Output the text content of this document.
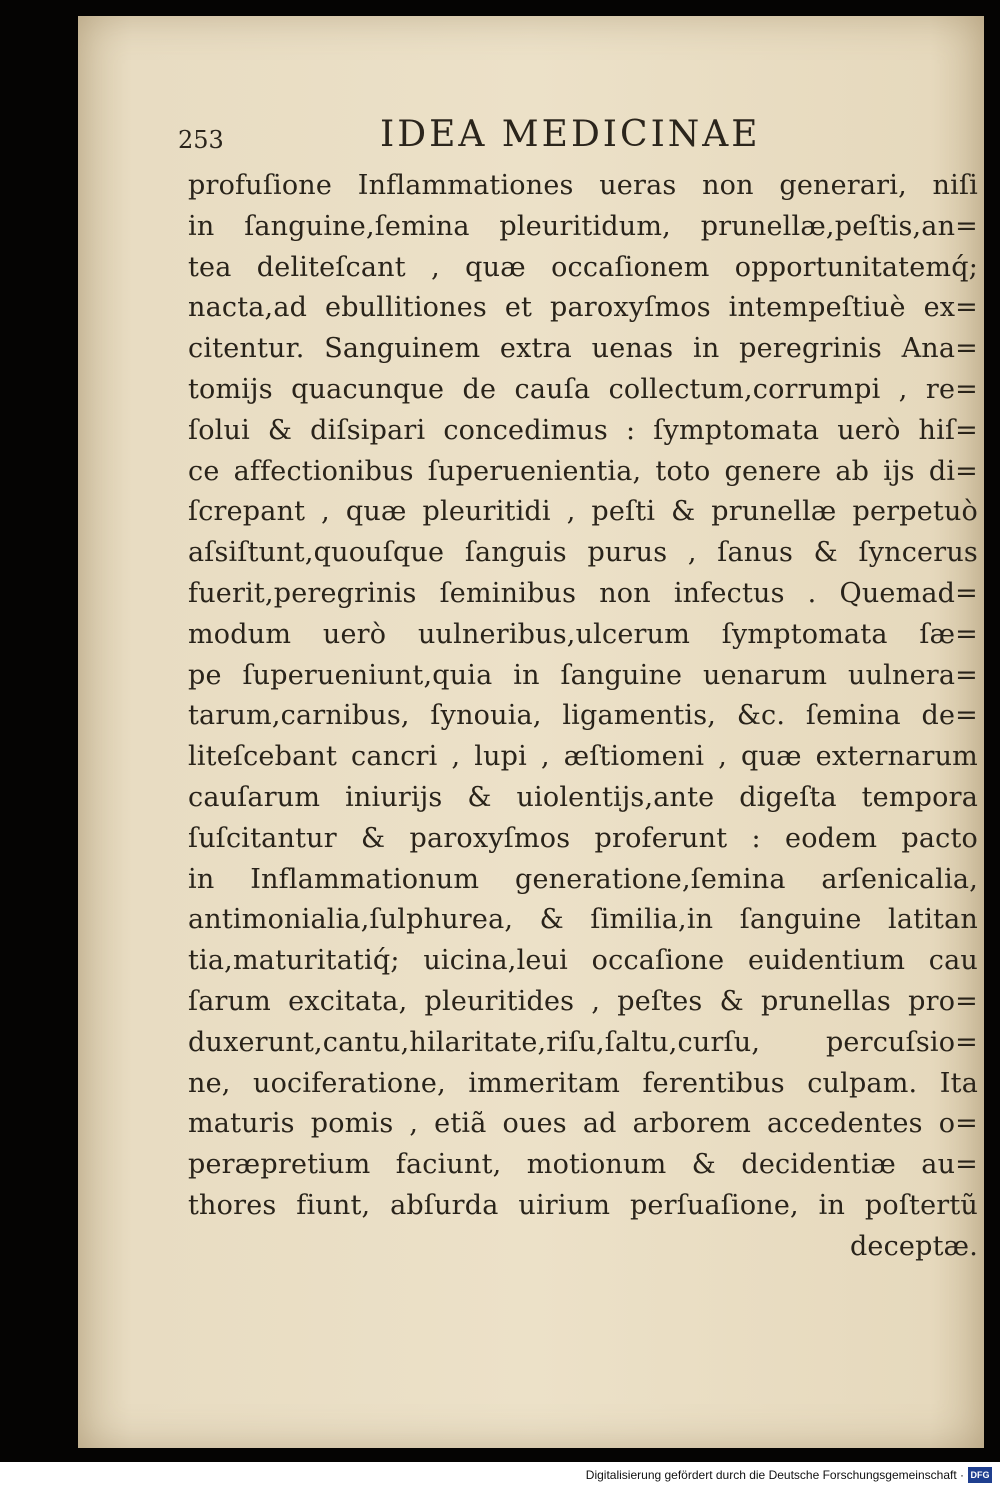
253	IDEA MEDICINAE
profuſione Inflammationes ueras non generari, niſi
in ſanguine,ſemina pleuritidum, prunellæ,peſtis,an=
tea deliteſcant , quæ occaſionem opportunitatemq́;
nacta,ad ebullitiones et paroxyſmos intempeſtiuè ex=
citentur. Sanguinem extra uenas in peregrinis Ana=
tomijs quacunque de cauſa collectum,corrumpi , re=
ſolui & diſsipari concedimus : ſymptomata uerò hiſ=
ce affectionibus ſuperuenientia, toto genere ab ijs di=
ſcrepant , quæ pleuritidi , peſti & prunellæ perpetuò
aſsiſtunt,quouſque ſanguis purus , ſanus & ſyncerus
fuerit,peregrinis ſeminibus non infectus . Quemad=
modum uerò uulneribus,ulcerum ſymptomata ſæ=
pe ſuperueniunt,quia in ſanguine uenarum uulnera=
tarum,carnibus, ſynouia, ligamentis, &c. ſemina de=
liteſcebant cancri , lupi , æſtiomeni , quæ externarum
cauſarum iniurijs & uiolentijs,ante digeſta tempora
ſuſcitantur & paroxyſmos proferunt : eodem pacto
in Inflammationum generatione,ſemina arſenicalia,
antimonialia,ſulphurea, & ſimilia,in ſanguine latitan
tia,maturitatiq́; uicina,leui occaſione euidentium cau
ſarum excitata, pleuritides , peſtes & prunellas pro=
duxerunt,cantu,hilaritate,riſu,ſaltu,curſu, percuſsio=
ne, uociferatione, immeritam ferentibus culpam. Ita
maturis pomis , etiã oues ad arborem accedentes o=
peræpretium faciunt, motionum & decidentiæ au=
thores fiunt, abſurda uirium perſuaſione, in poſtertũ
deceptæ.
Digitalisierung gefördert durch die Deutsche Forschungsgemeinschaft · DFG
